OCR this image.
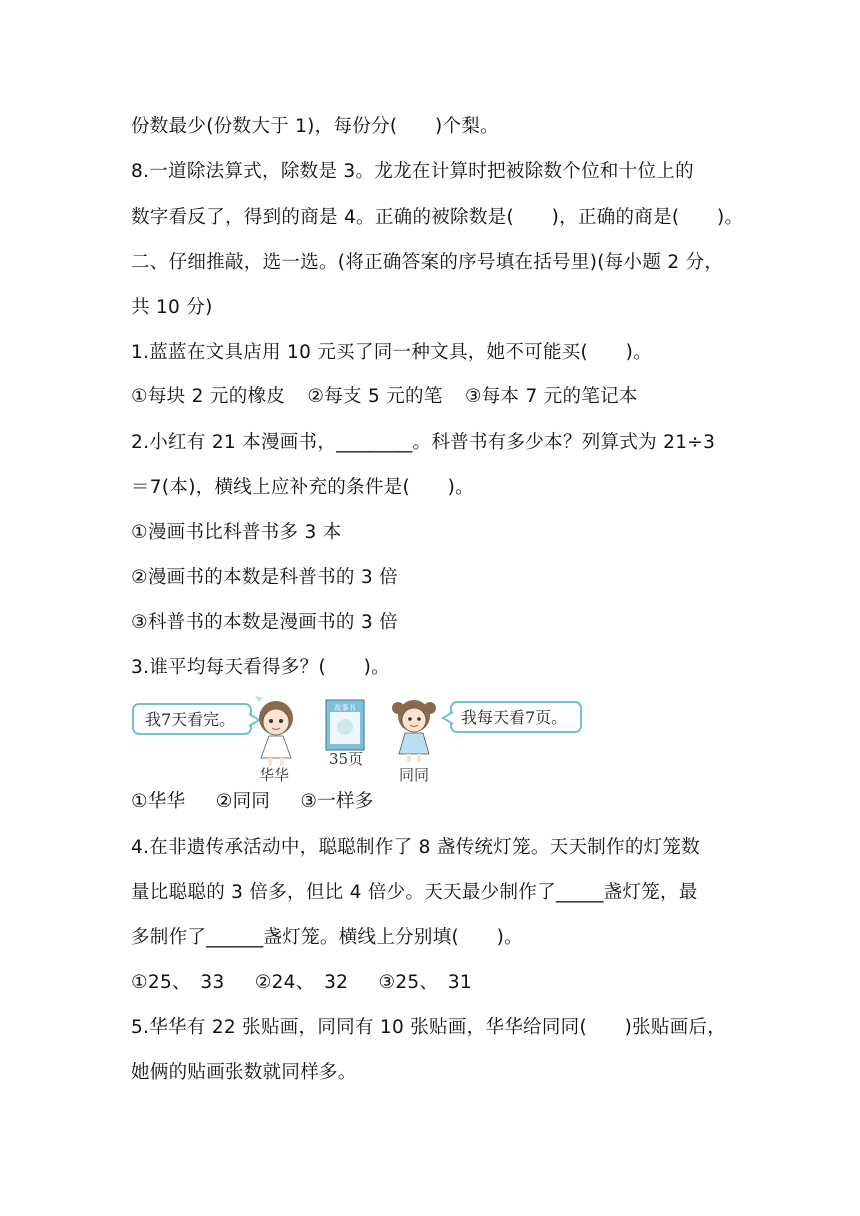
份数最少(份数大于 1)，每份分(　　)个梨。
8.一道除法算式，除数是 3。龙龙在计算时把被除数个位和十位上的
数字看反了，得到的商是 4。正确的被除数是(　　)，正确的商是(　　)。
二、仔细推敲，选一选。(将正确答案的序号填在括号里)(每小题 2 分，
共 10 分)
1.蓝蓝在文具店用 10 元买了同一种文具，她不可能买(　　)。
①每块 2 元的橡皮 ②每支 5 元的笔 ③每本 7 元的笔记本
2.小红有 21 本漫画书，________。科普书有多少本？列算式为 21÷3
＝7(本)，横线上应补充的条件是(　　)。
①漫画书比科普书多 3 本
②漫画书的本数是科普书的 3 倍
③科普书的本数是漫画书的 3 倍
3.谁平均每天看得多？(　　)。
我7天看完。
华华
故事书
35页
同同
我每天看7页。
①华华 ②同同 ③一样多
4.在非遗传承活动中，聪聪制作了 8 盏传统灯笼。天天制作的灯笼数
量比聪聪的 3 倍多，但比 4 倍少。天天最少制作了_____盏灯笼，最
多制作了______盏灯笼。横线上分别填(　　)。
①25、　33 ②24、　32 ③25、　31
5.华华有 22 张贴画，同同有 10 张贴画，华华给同同(　　)张贴画后，
她俩的贴画张数就同样多。
